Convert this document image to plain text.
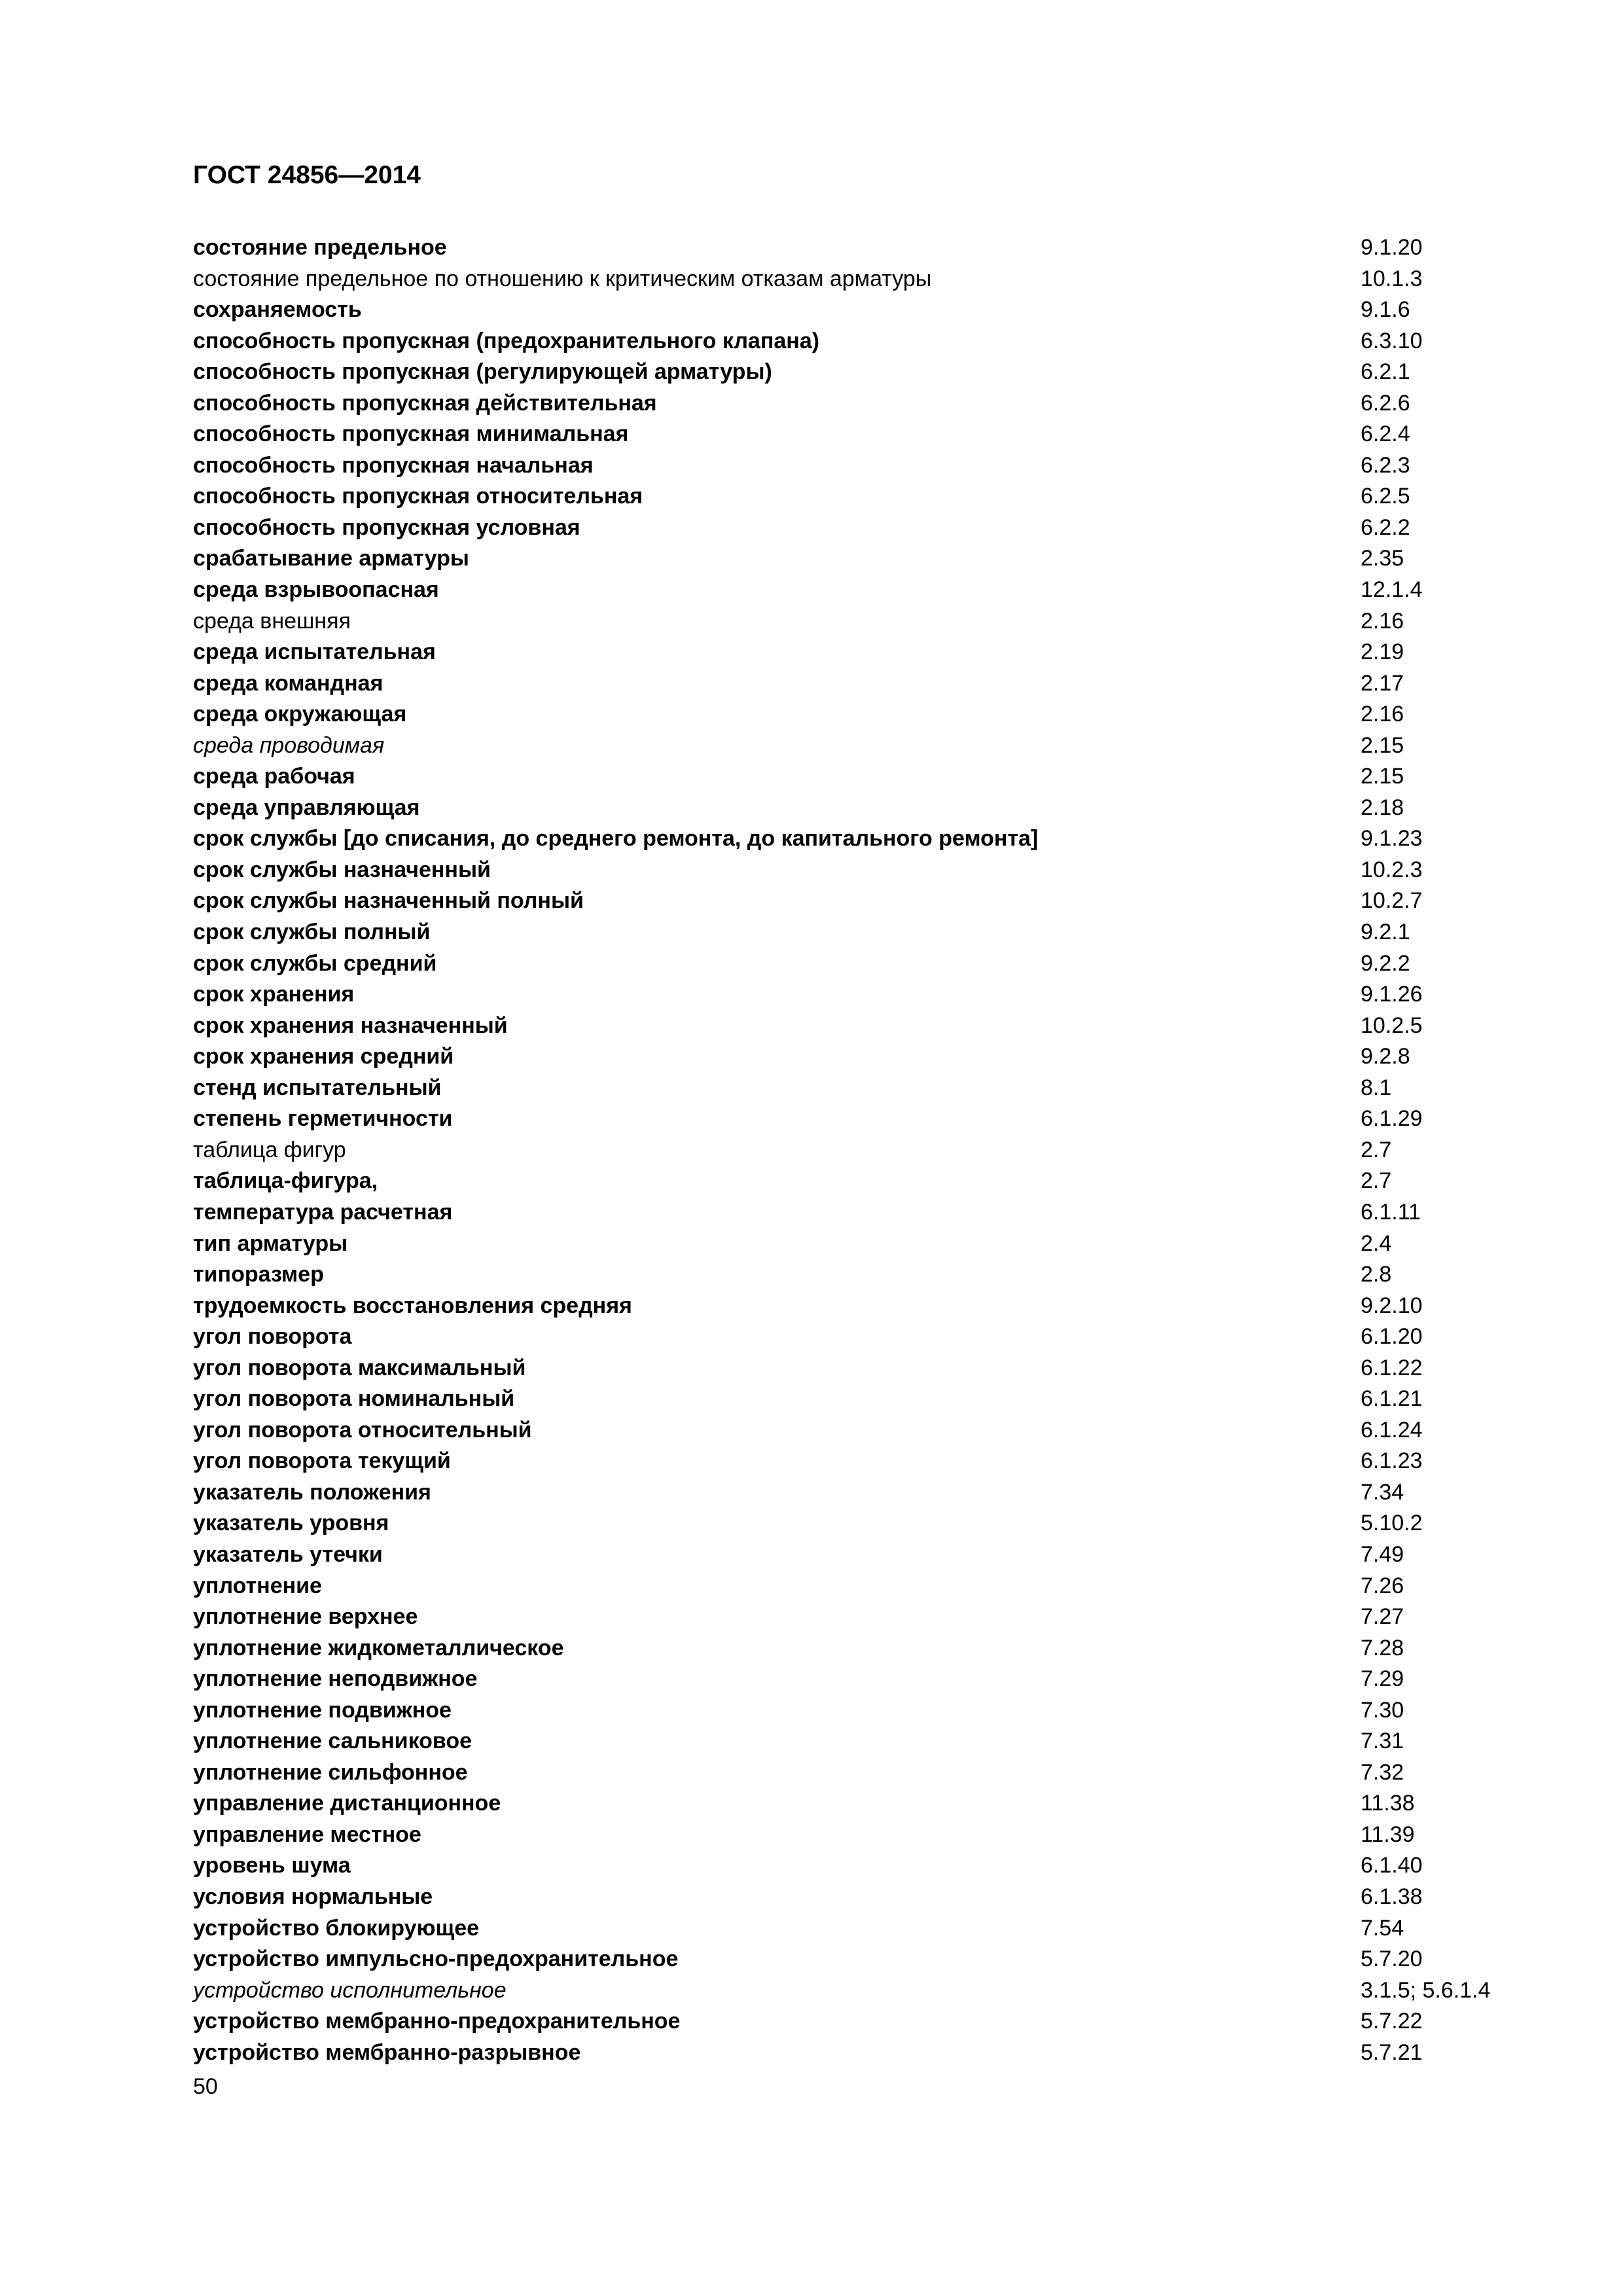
ГОСТ 24856—2014
состояние предельное	9.1.20
состояние предельное по отношению к критическим отказам арматуры	10.1.3
сохраняемость	9.1.6
способность пропускная (предохранительного клапана)	6.3.10
способность пропускная (регулирующей арматуры)	6.2.1
способность пропускная действительная	6.2.6
способность пропускная минимальная	6.2.4
способность пропускная начальная	6.2.3
способность пропускная относительная	6.2.5
способность пропускная условная	6.2.2
срабатывание арматуры	2.35
среда взрывоопасная	12.1.4
среда внешняя	2.16
среда испытательная	2.19
среда командная	2.17
среда окружающая	2.16
среда проводимая	2.15
среда рабочая	2.15
среда управляющая	2.18
срок службы [до списания, до среднего ремонта, до капитального ремонта]	9.1.23
срок службы назначенный	10.2.3
срок службы назначенный полный	10.2.7
срок службы полный	9.2.1
срок службы средний	9.2.2
срок хранения	9.1.26
срок хранения назначенный	10.2.5
срок хранения средний	9.2.8
стенд испытательный	8.1
степень герметичности	6.1.29
таблица фигур	2.7
таблица-фигура,	2.7
температура расчетная	6.1.11
тип арматуры	2.4
типоразмер	2.8
трудоемкость восстановления средняя	9.2.10
угол поворота	6.1.20
угол поворота максимальный	6.1.22
угол поворота номинальный	6.1.21
угол поворота относительный	6.1.24
угол поворота текущий	6.1.23
указатель положения	7.34
указатель уровня	5.10.2
указатель утечки	7.49
уплотнение	7.26
уплотнение верхнее	7.27
уплотнение жидкометаллическое	7.28
уплотнение неподвижное	7.29
уплотнение подвижное	7.30
уплотнение сальниковое	7.31
уплотнение сильфонное	7.32
управление дистанционное	11.38
управление местное	11.39
уровень шума	6.1.40
условия нормальные	6.1.38
устройство блокирующее	7.54
устройство импульсно-предохранительное	5.7.20
устройство исполнительное	3.1.5; 5.6.1.4
устройство мембранно-предохранительное	5.7.22
устройство мембранно-разрывное	5.7.21
50
